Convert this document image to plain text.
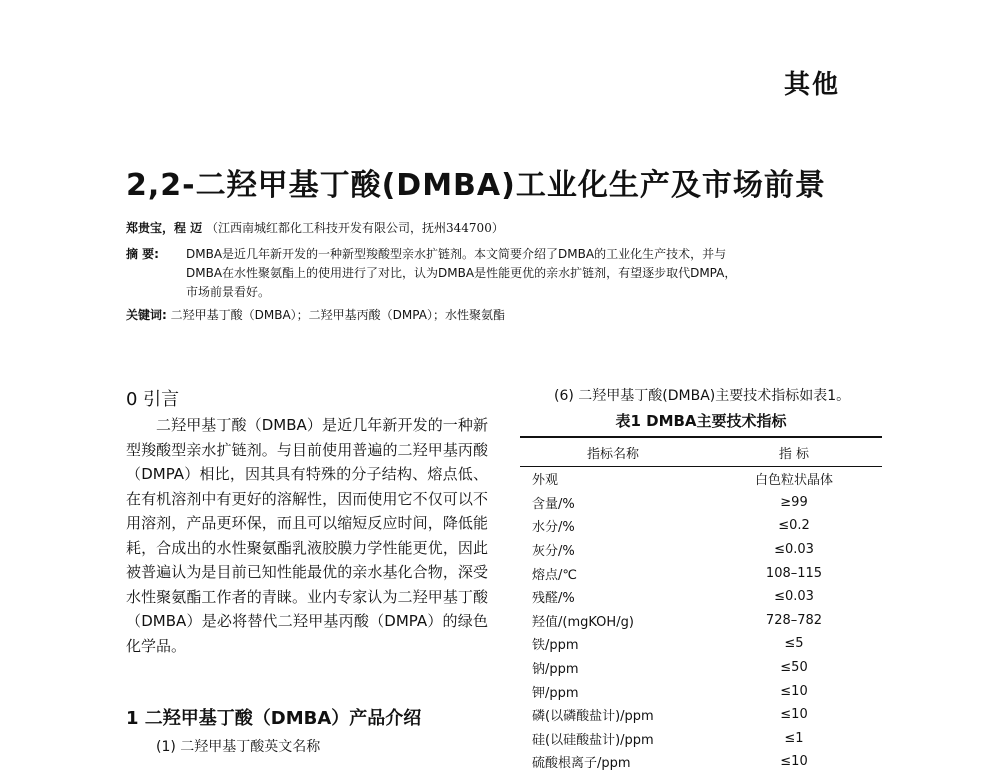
其他
2,2-二羟甲基丁酸(DMBA)工业化生产及市场前景
郑贵宝，程 迈 （江西南城红都化工科技开发有限公司，抚州344700）
摘 要:	DMBA是近几年新开发的一种新型羧酸型亲水扩链剂。本文简要介绍了DMBA的工业化生产技术，并与
DMBA在水性聚氨酯上的使用进行了对比，认为DMBA是性能更优的亲水扩链剂，有望逐步取代DMPA，
市场前景看好。
关键词: 二羟甲基丁酸（DMBA）；二羟甲基丙酸（DMPA）；水性聚氨酯
0 引言

二羟甲基丁酸（DMBA）是近几年新开发的一种新型羧酸型亲水扩链剂。与目前使用普遍的二羟甲基丙酸（DMPA）相比，因其具有特殊的分子结构、熔点低、在有机溶剂中有更好的溶解性，因而使用它不仅可以不用溶剂，产品更环保，而且可以缩短反应时间，降低能耗，合成出的水性聚氨酯乳液胶膜力学性能更优，因此被普遍认为是目前已知性能最优的亲水基化合物，深受水性聚氨酯工作者的青睐。业内专家认为二羟甲基丁酸（DMBA）是必将替代二羟甲基丙酸（DMPA）的绿色化学品。

1 二羟甲基丁酸（DMBA）产品介绍
(1) 二羟甲基丁酸英文名称
(6) 二羟甲基丁酸(DMBA)主要技术指标如表1。
表1 DMBA主要技术指标
指标名称	指 标
外观	白色粒状晶体
含量/%	≥99
水分/%	≤0.2
灰分/%	≤0.03
熔点/℃	108–115
残醛/%	≤0.03
羟值/(mgKOH/g)	728–782
铁/ppm	≤5
钠/ppm	≤50
钾/ppm	≤10
磷(以磷酸盐计)/ppm	≤10
硅(以硅酸盐计)/ppm	≤1
硫酸根离子/ppm	≤10
